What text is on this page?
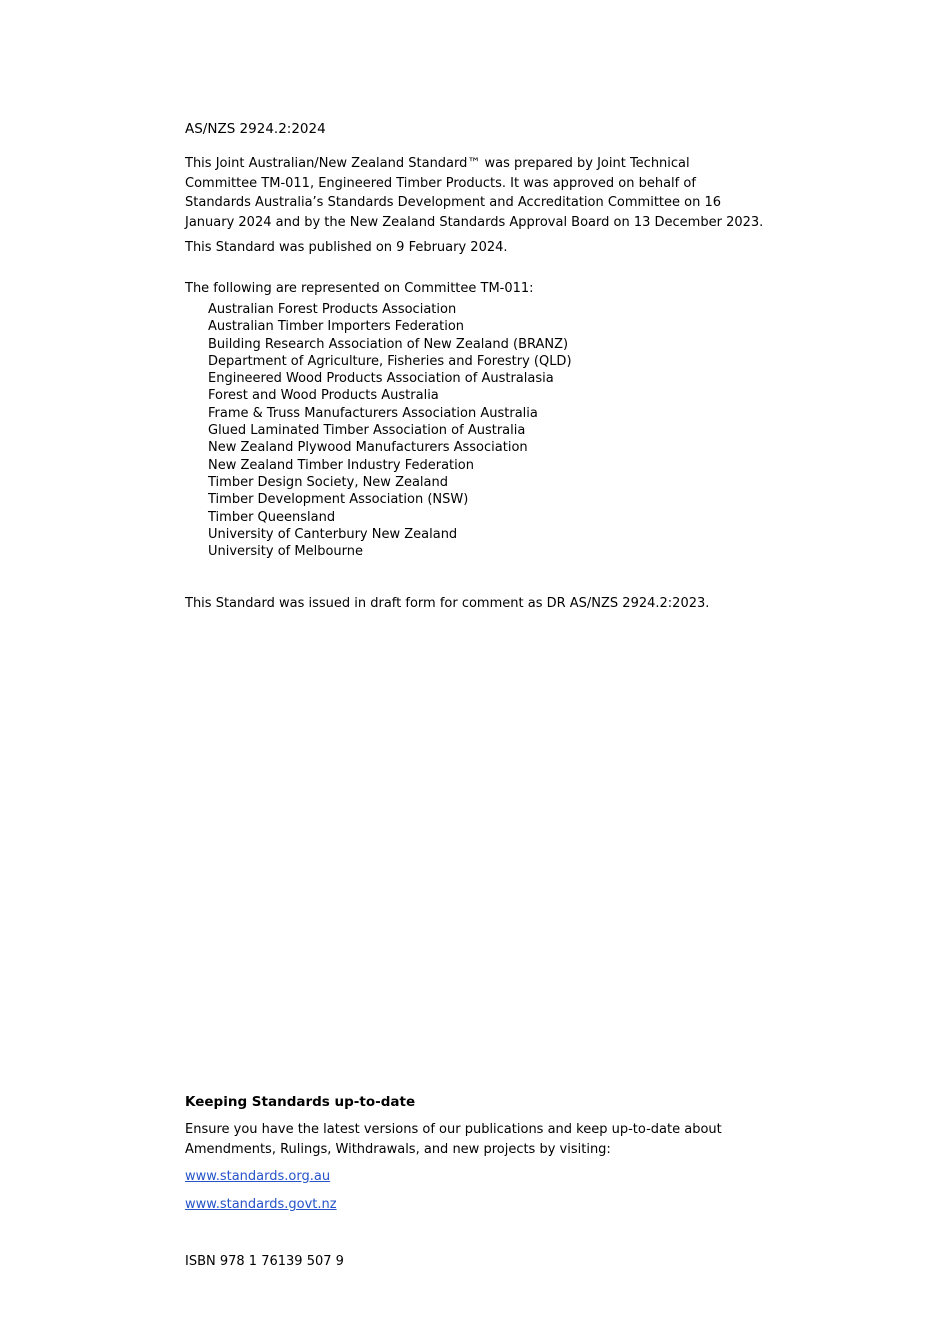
AS/NZS 2924.2:2024

This Joint Australian/New Zealand Standard™ was prepared by Joint Technical Committee TM-011, Engineered Timber Products. It was approved on behalf of Standards Australia’s Standards Development and Accreditation Committee on 16 January 2024 and by the New Zealand Standards Approval Board on 13 December 2023.

This Standard was published on 9 February 2024.

The following are represented on Committee TM-011:

Australian Forest Products Association
Australian Timber Importers Federation
Building Research Association of New Zealand (BRANZ)
Department of Agriculture, Fisheries and Forestry (QLD)
Engineered Wood Products Association of Australasia
Forest and Wood Products Australia
Frame & Truss Manufacturers Association Australia
Glued Laminated Timber Association of Australia
New Zealand Plywood Manufacturers Association
New Zealand Timber Industry Federation
Timber Design Society, New Zealand
Timber Development Association (NSW)
Timber Queensland
University of Canterbury New Zealand
University of Melbourne

This Standard was issued in draft form for comment as DR AS/NZS 2924.2:2023.

Keeping Standards up-to-date

Ensure you have the latest versions of our publications and keep up-to-date about Amendments, Rulings, Withdrawals, and new projects by visiting:

www.standards.org.au
www.standards.govt.nz
ISBN 978 1 76139 507 9
